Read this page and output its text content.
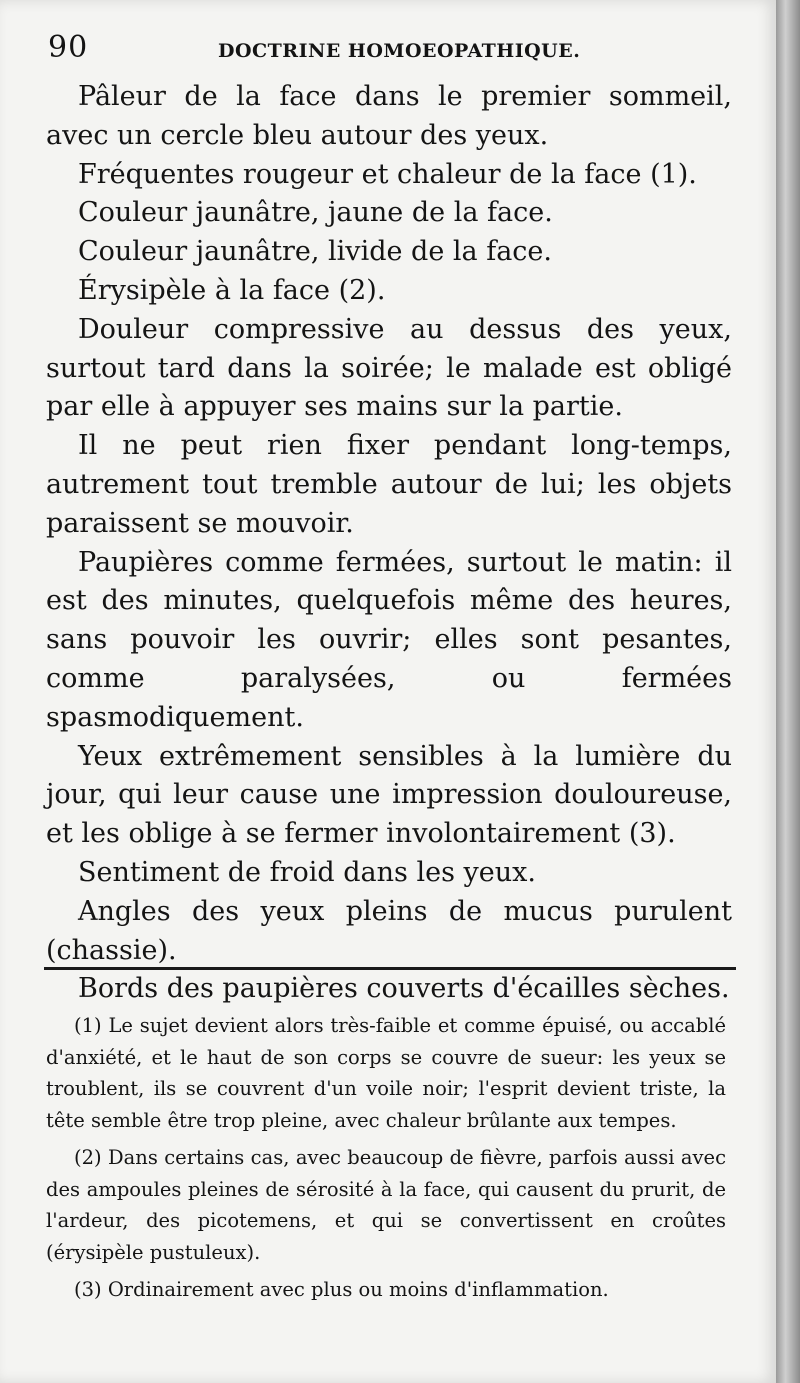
90	DOCTRINE HOMOEOPATHIQUE.

Pâleur de la face dans le premier sommeil, avec un cercle bleu autour des yeux.

Fréquentes rougeur et chaleur de la face (1).

Couleur jaunâtre, jaune de la face.

Couleur jaunâtre, livide de la face.

Érysipèle à la face (2).

Douleur compressive au dessus des yeux, surtout tard dans la soirée; le malade est obligé par elle à appuyer ses mains sur la partie.

Il ne peut rien fixer pendant long-temps, autrement tout tremble autour de lui; les objets paraissent se mouvoir.

Paupières comme fermées, surtout le matin: il est des minutes, quelquefois même des heures, sans pouvoir les ouvrir; elles sont pesantes, comme paralysées, ou fermées spasmodiquement.

Yeux extrêmement sensibles à la lumière du jour, qui leur cause une impression douloureuse, et les oblige à se fermer involontairement (3).

Sentiment de froid dans les yeux.

Angles des yeux pleins de mucus purulent (chassie).

Bords des paupières couverts d'écailles sèches.

(1) Le sujet devient alors très-faible et comme épuisé, ou accablé d'anxiété, et le haut de son corps se couvre de sueur: les yeux se troublent, ils se couvrent d'un voile noir; l'esprit devient triste, la tête semble être trop pleine, avec chaleur brûlante aux tempes.

(2) Dans certains cas, avec beaucoup de fièvre, parfois aussi avec des ampoules pleines de sérosité à la face, qui causent du prurit, de l'ardeur, des picotemens, et qui se convertissent en croûtes (érysipèle pustuleux).

(3) Ordinairement avec plus ou moins d'inflammation.
